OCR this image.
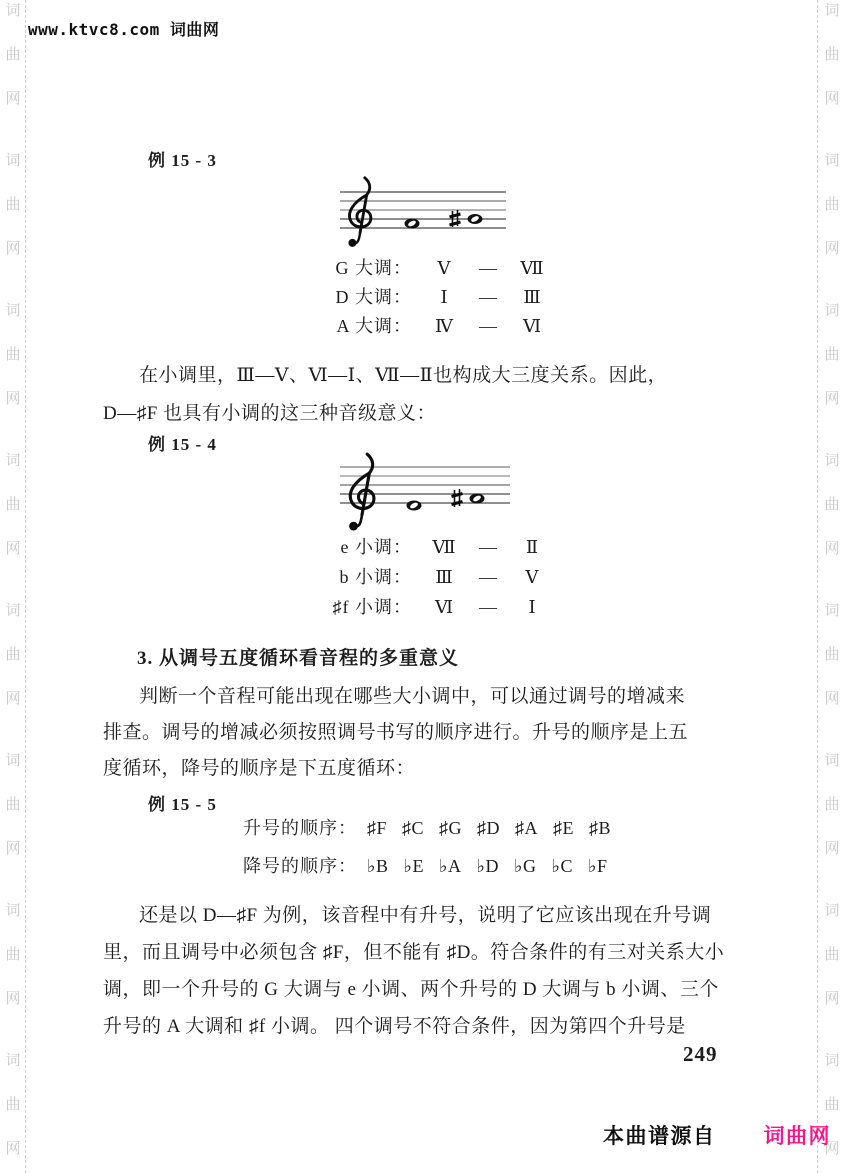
词
曲
网
词
曲
网
词
曲
网
词
曲
网
词
曲
网
词
曲
网
词
曲
网
词
曲
网
词
曲
网
词
曲
网
词
曲
网
词
曲
网
词
曲
网
词
曲
网
词
曲
网
词
曲
网
www.ktvc8.com 词曲网
例 15 - 3
G 大调：	Ⅴ	—	Ⅶ
D 大调：	Ⅰ	—	Ⅲ
A 大调：	Ⅳ	—	Ⅵ
在小调里，Ⅲ—Ⅴ、Ⅵ—Ⅰ、Ⅶ—Ⅱ也构成大三度关系。因此，
D—♯F 也具有小调的这三种音级意义：
例 15 - 4
e 小调：	Ⅶ	—	Ⅱ
b 小调：	Ⅲ	—	Ⅴ
♯f 小调：	Ⅵ	—	Ⅰ
3. 从调号五度循环看音程的多重意义
判断一个音程可能出现在哪些大小调中，可以通过调号的增减来
排查。调号的增减必须按照调号书写的顺序进行。升号的顺序是上五
度循环，降号的顺序是下五度循环：
例 15 - 5
升号的顺序： ♯F ♯C ♯G ♯D ♯A ♯E ♯B
降号的顺序： ♭B ♭E ♭A ♭D ♭G ♭C ♭F
还是以 D—♯F 为例，该音程中有升号，说明了它应该出现在升号调
里，而且调号中必须包含 ♯F，但不能有 ♯D。符合条件的有三对关系大小
调，即一个升号的 G 大调与 e 小调、两个升号的 D 大调与 b 小调、三个
升号的 A 大调和 ♯f 小调。 四个调号不符合条件，因为第四个升号是
249
本曲谱源自 词曲网
